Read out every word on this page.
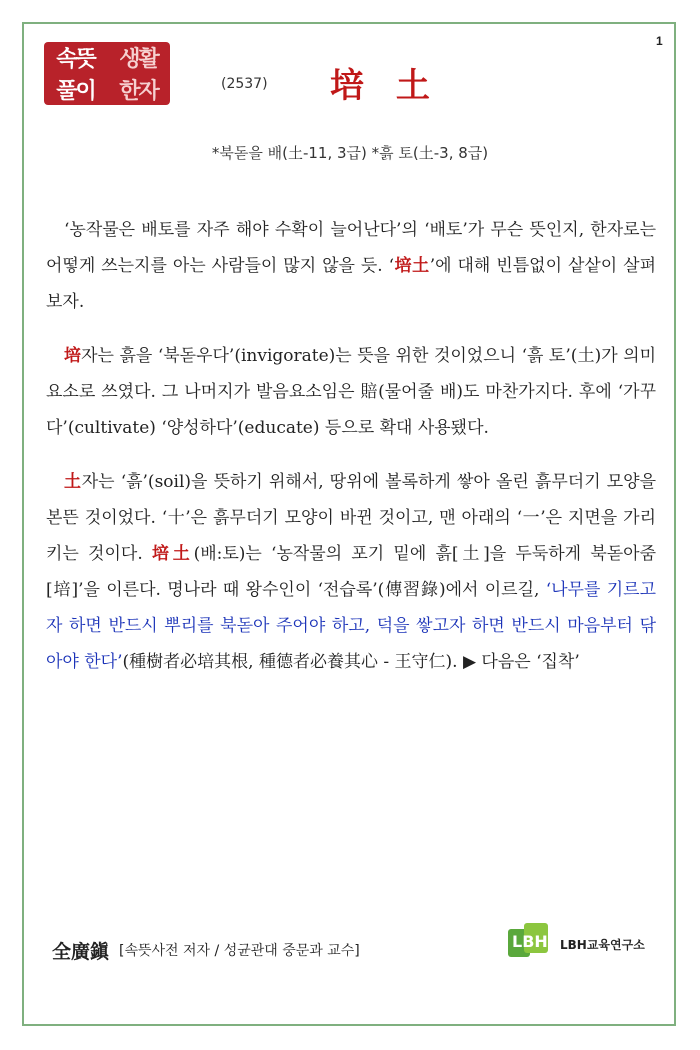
1
속뜻	생활
풀이	한자	(2537) 培 土
*북돋을 배(土-11, 3급) *흙 토(土-3, 8급)

‘농작물은 배토를 자주 해야 수확이 늘어난다’의 ‘배토’가 무슨 뜻인지, 한자로는 어떻게 쓰는지를 아는 사람들이 많지 않을 듯. ‘培土’에 대해 빈틈없이 샅샅이 살펴보자.

培자는 흙을 ‘북돋우다’(invigorate)는 뜻을 위한 것이었으니 ‘흙 토’(土)가 의미요소로 쓰였다. 그 나머지가 발음요소임은 賠(물어줄 배)도 마찬가지다. 후에 ‘가꾸다’(cultivate) ‘양성하다’(educate) 등으로 확대 사용됐다.

土자는 ‘흙’(soil)을 뜻하기 위해서, 땅위에 볼록하게 쌓아 올린 흙무더기 모양을 본뜬 것이었다. ‘十’은 흙무더기 모양이 바뀐 것이고, 맨 아래의 ‘一’은 지면을 가리키는 것이다. 培土(배:토)는 ‘농작물의 포기 밑에 흙[土]을 두둑하게 북돋아줌[培]’을 이른다. 명나라 때 왕수인이 ‘전습록’(傳習錄)에서 이르길, ‘나무를 기르고자 하면 반드시 뿌리를 북돋아 주어야 하고, 덕을 쌓고자 하면 반드시 마음부터 닦아야 한다’(種樹者必培其根, 種德者必養其心 - 王守仁). ▶ 다음은 ‘집착’

全廣鎭 [속뜻사전 저자 / 성균관대 중문과 교수]	LBH LBH교육연구소
